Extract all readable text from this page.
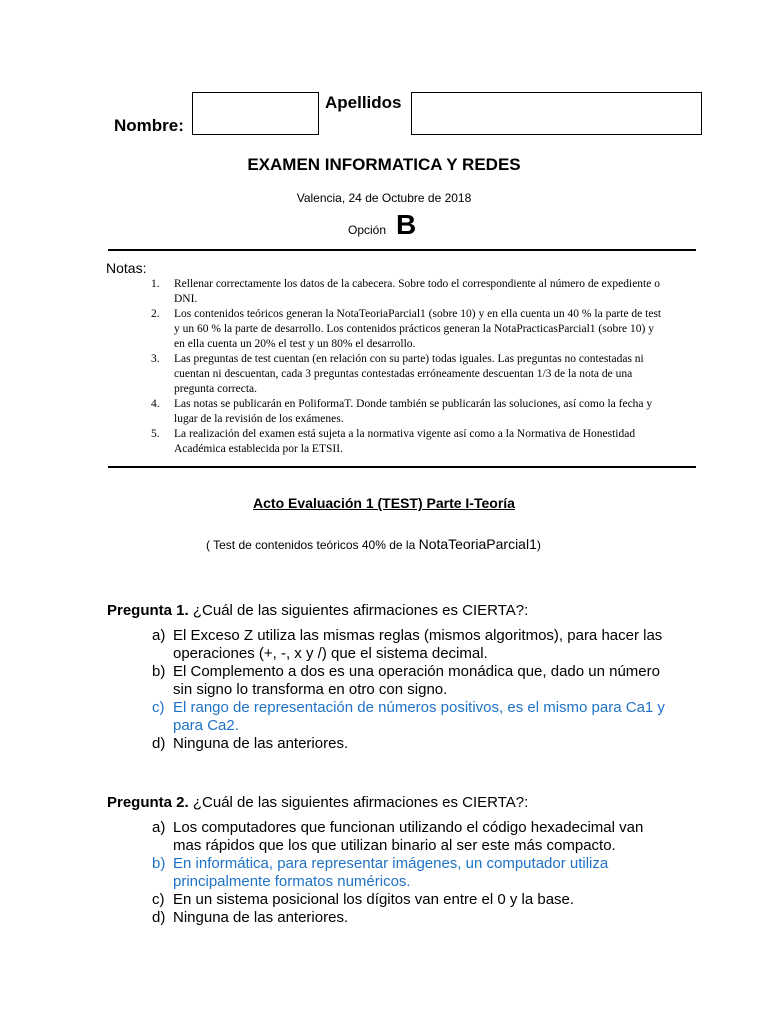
Nombre:
Apellidos
EXAMEN INFORMATICA Y REDES
Valencia, 24 de Octubre de 2018
Opción B
Notas:
1. Rellenar correctamente los datos de la cabecera. Sobre todo el correspondiente al número de expediente o DNI.
2. Los contenidos teóricos generan la NotaTeoriaParcial1 (sobre 10) y en ella cuenta un 40 % la parte de test y un 60 % la parte de desarrollo. Los contenidos prácticos generan la NotaPracticasParcial1 (sobre 10) y en ella cuenta un 20% el test y un 80% el desarrollo.
3. Las preguntas de test cuentan (en relación con su parte) todas iguales. Las preguntas no contestadas ni cuentan ni descuentan, cada 3 preguntas contestadas erróneamente descuentan 1/3 de la nota de una pregunta correcta.
4. Las notas se publicarán en PoliformaT. Donde también se publicarán las soluciones, así como la fecha y lugar de la revisión de los exámenes.
5. La realización del examen está sujeta a la normativa vigente así como a la Normativa de Honestidad Académica establecida por la ETSII.
Acto Evaluación 1 (TEST) Parte I-Teoría
( Test de contenidos teóricos 40% de la NotaTeoriaParcial1)
Pregunta 1. ¿Cuál de las siguientes afirmaciones es CIERTA?:
a) El Exceso Z utiliza las mismas reglas (mismos algoritmos), para hacer las operaciones (+, -, x y /) que el sistema decimal.
b) El Complemento a dos es una operación monádica que, dado un número sin signo lo transforma en otro con signo.
c) El rango de representación de números positivos, es el mismo para Ca1 y para Ca2.
d) Ninguna de las anteriores.
Pregunta 2. ¿Cuál de las siguientes afirmaciones es CIERTA?:
a) Los computadores que funcionan utilizando el código hexadecimal van mas rápidos que los que utilizan binario al ser este más compacto.
b) En informática, para representar imágenes, un computador utiliza principalmente formatos numéricos.
c) En un sistema posicional los dígitos van entre el 0 y la base.
d) Ninguna de las anteriores.
